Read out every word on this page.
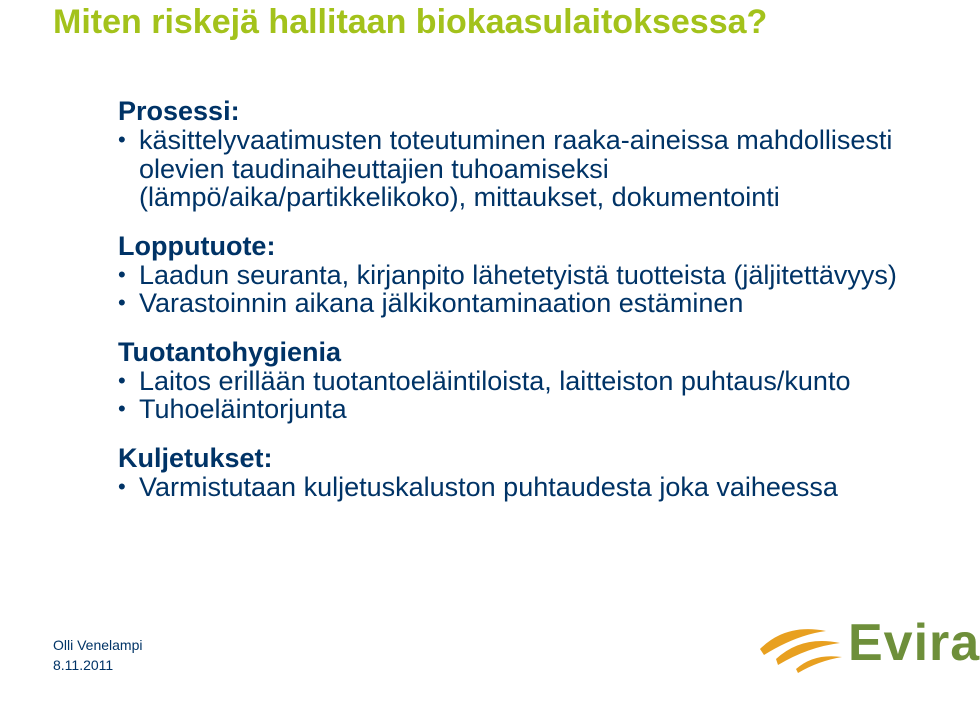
Miten riskejä hallitaan biokaasulaitoksessa?
Prosessi:
• käsittelyvaatimusten toteutuminen raaka-aineissa mahdollisesti olevien taudinaiheuttajien tuhoamiseksi (lämpö/aika/partikkelikoko), mittaukset, dokumentointi
Lopputuote:
• Laadun seuranta, kirjanpito lähetetyistä tuotteista (jäljitettävyys)
• Varastoinnin aikana jälkikontaminaation estäminen
Tuotantohygienia
• Laitos erillään tuotantoeläintiloista, laitteiston puhtaus/kunto
• Tuhoeläintorjunta
Kuljetukset:
• Varmistutaan kuljetuskaluston puhtaudesta joka vaiheessa
Olli Venelampi
8.11.2011	Evira
